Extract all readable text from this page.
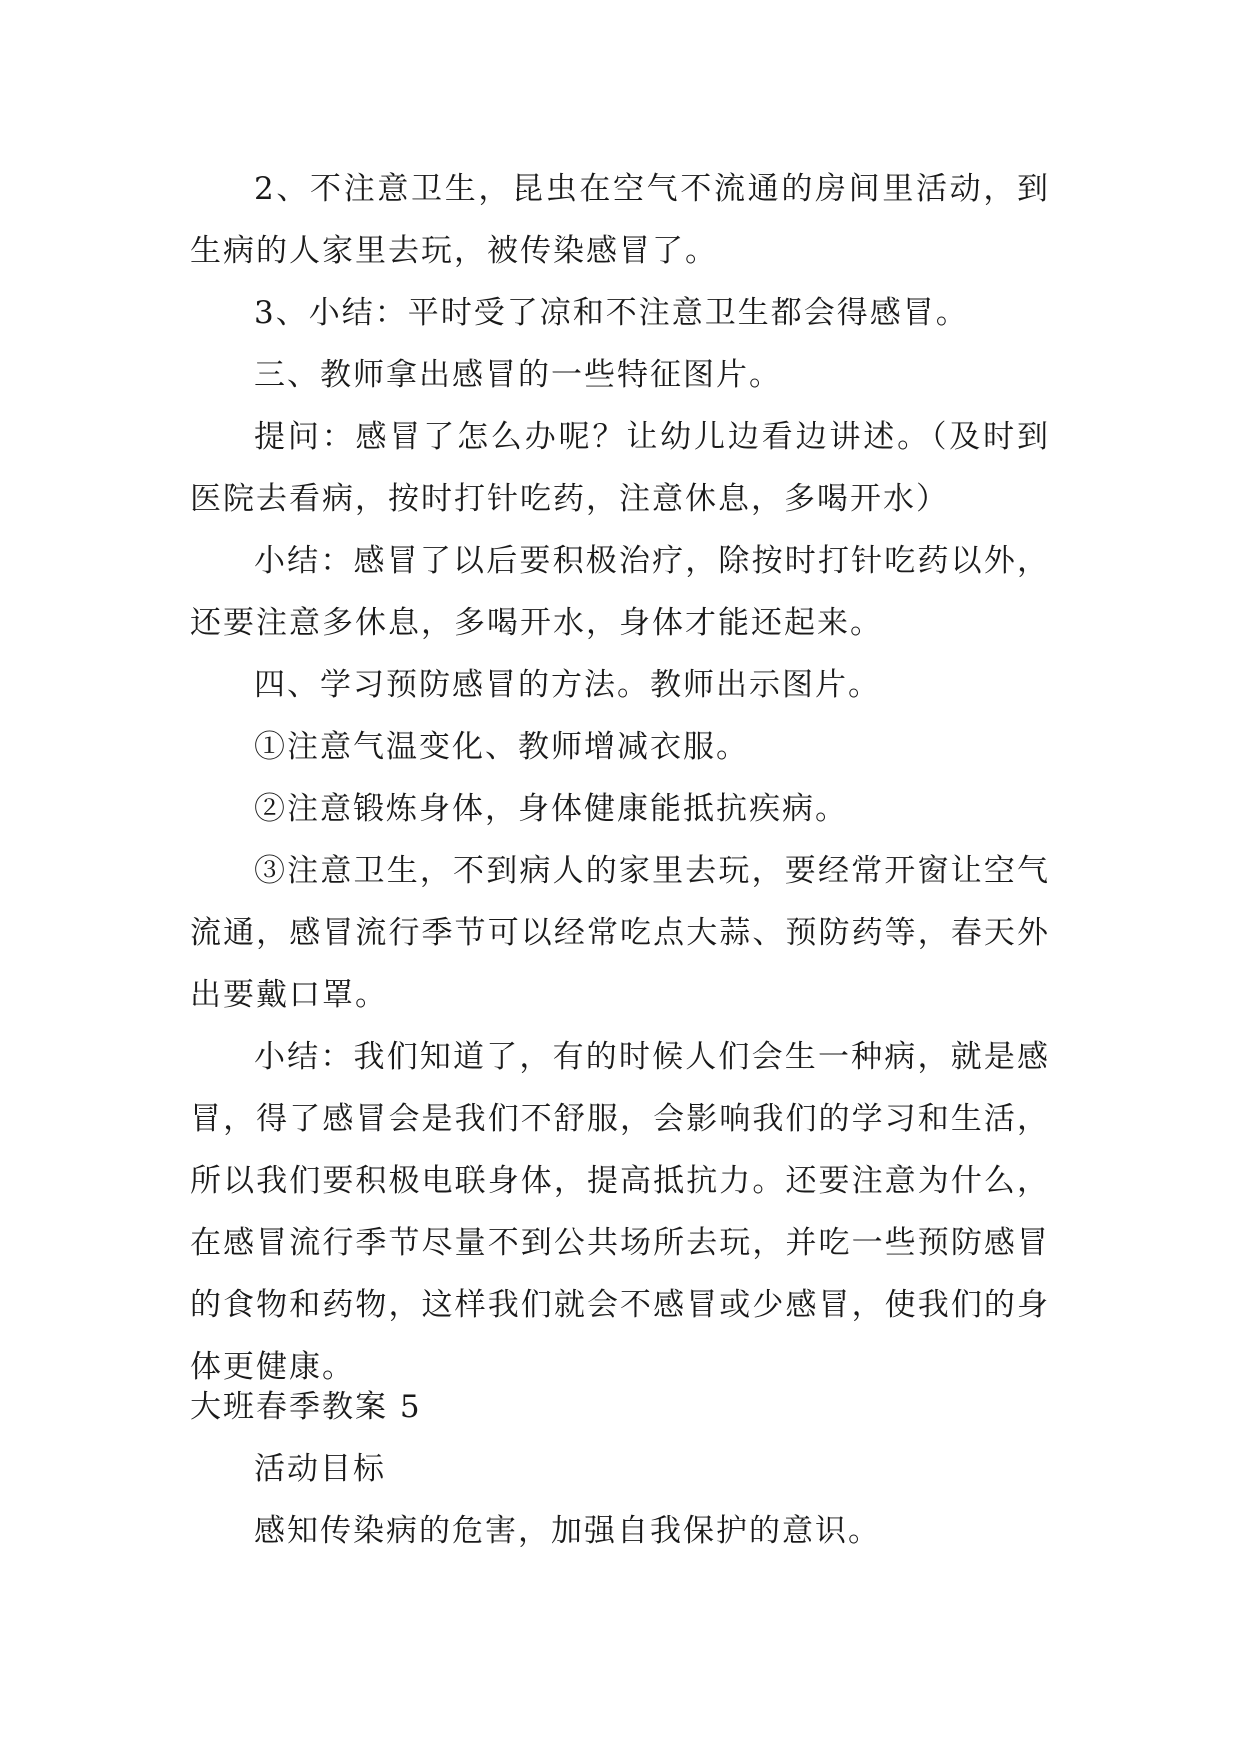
2、不注意卫生，昆虫在空气不流通的房间里活动，到生病的人家里去玩，被传染感冒了。

3、小结：平时受了凉和不注意卫生都会得感冒。

三、教师拿出感冒的一些特征图片。

提问：感冒了怎么办呢？让幼儿边看边讲述。（及时到医院去看病，按时打针吃药，注意休息，多喝开水）

小结：感冒了以后要积极治疗，除按时打针吃药以外，还要注意多休息，多喝开水，身体才能还起来。

四、学习预防感冒的方法。教师出示图片。

①注意气温变化、教师增减衣服。

②注意锻炼身体，身体健康能抵抗疾病。

③注意卫生，不到病人的家里去玩，要经常开窗让空气流通，感冒流行季节可以经常吃点大蒜、预防药等，春天外出要戴口罩。

小结：我们知道了，有的时候人们会生一种病，就是感冒，得了感冒会是我们不舒服，会影响我们的学习和生活，所以我们要积极电联身体，提高抵抗力。还要注意为什么，在感冒流行季节尽量不到公共场所去玩，并吃一些预防感冒的食物和药物，这样我们就会不感冒或少感冒，使我们的身体更健康。

大班春季教案 5

活动目标

感知传染病的危害，加强自我保护的意识。
